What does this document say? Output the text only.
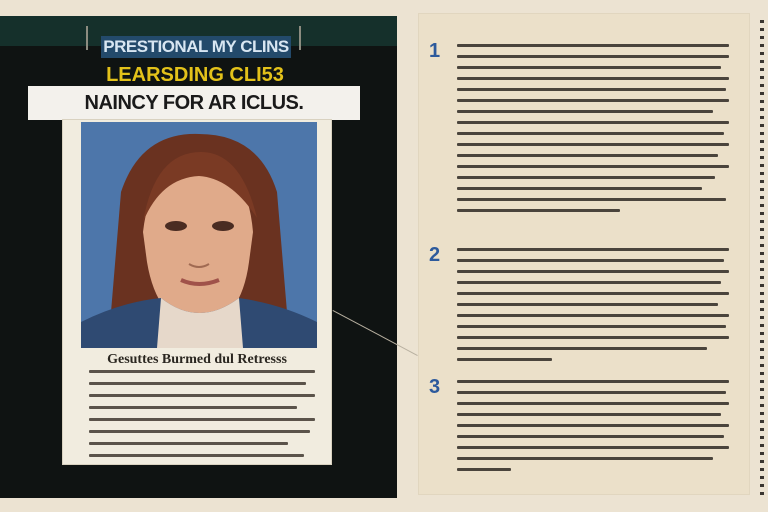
PRESTIONAL MY CLINS
LEARSDING CLI53
NAINCY FOR AR ICLUS.
Gesuttes Burmed dul Retresss
1
2
3
